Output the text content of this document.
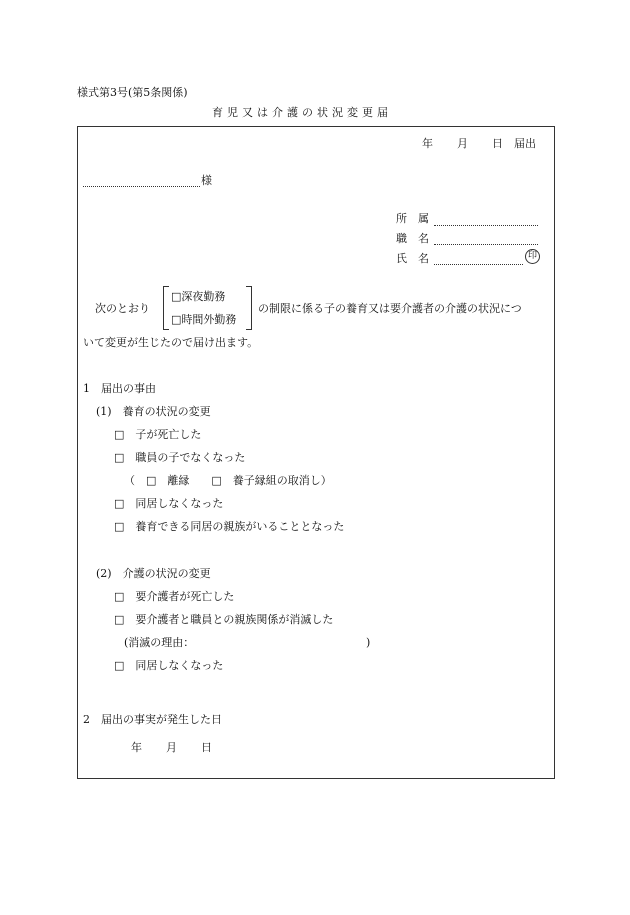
様式第3号(第5条関係)
育児又は介護の状況変更届
年 月 日 届出
様
所　属
職　名
氏　名	印
次のとおり
□深夜勤務
□時間外勤務
の制限に係る子の養育又は要介護者の介護の状況につ
いて変更が生じたので届け出ます。
1　届出の事由
(1)　養育の状況の変更
□　子が死亡した
□　職員の子でなくなった
（　□　離縁　　□　養子縁組の取消し）
□　同居しなくなった
□　養育できる同居の親族がいることとなった
(2)　介護の状況の変更
□　要介護者が死亡した
□　要介護者と職員との親族関係が消滅した
(消滅の理由：	)
□　同居しなくなった
2　届出の事実が発生した日
年 月 日
